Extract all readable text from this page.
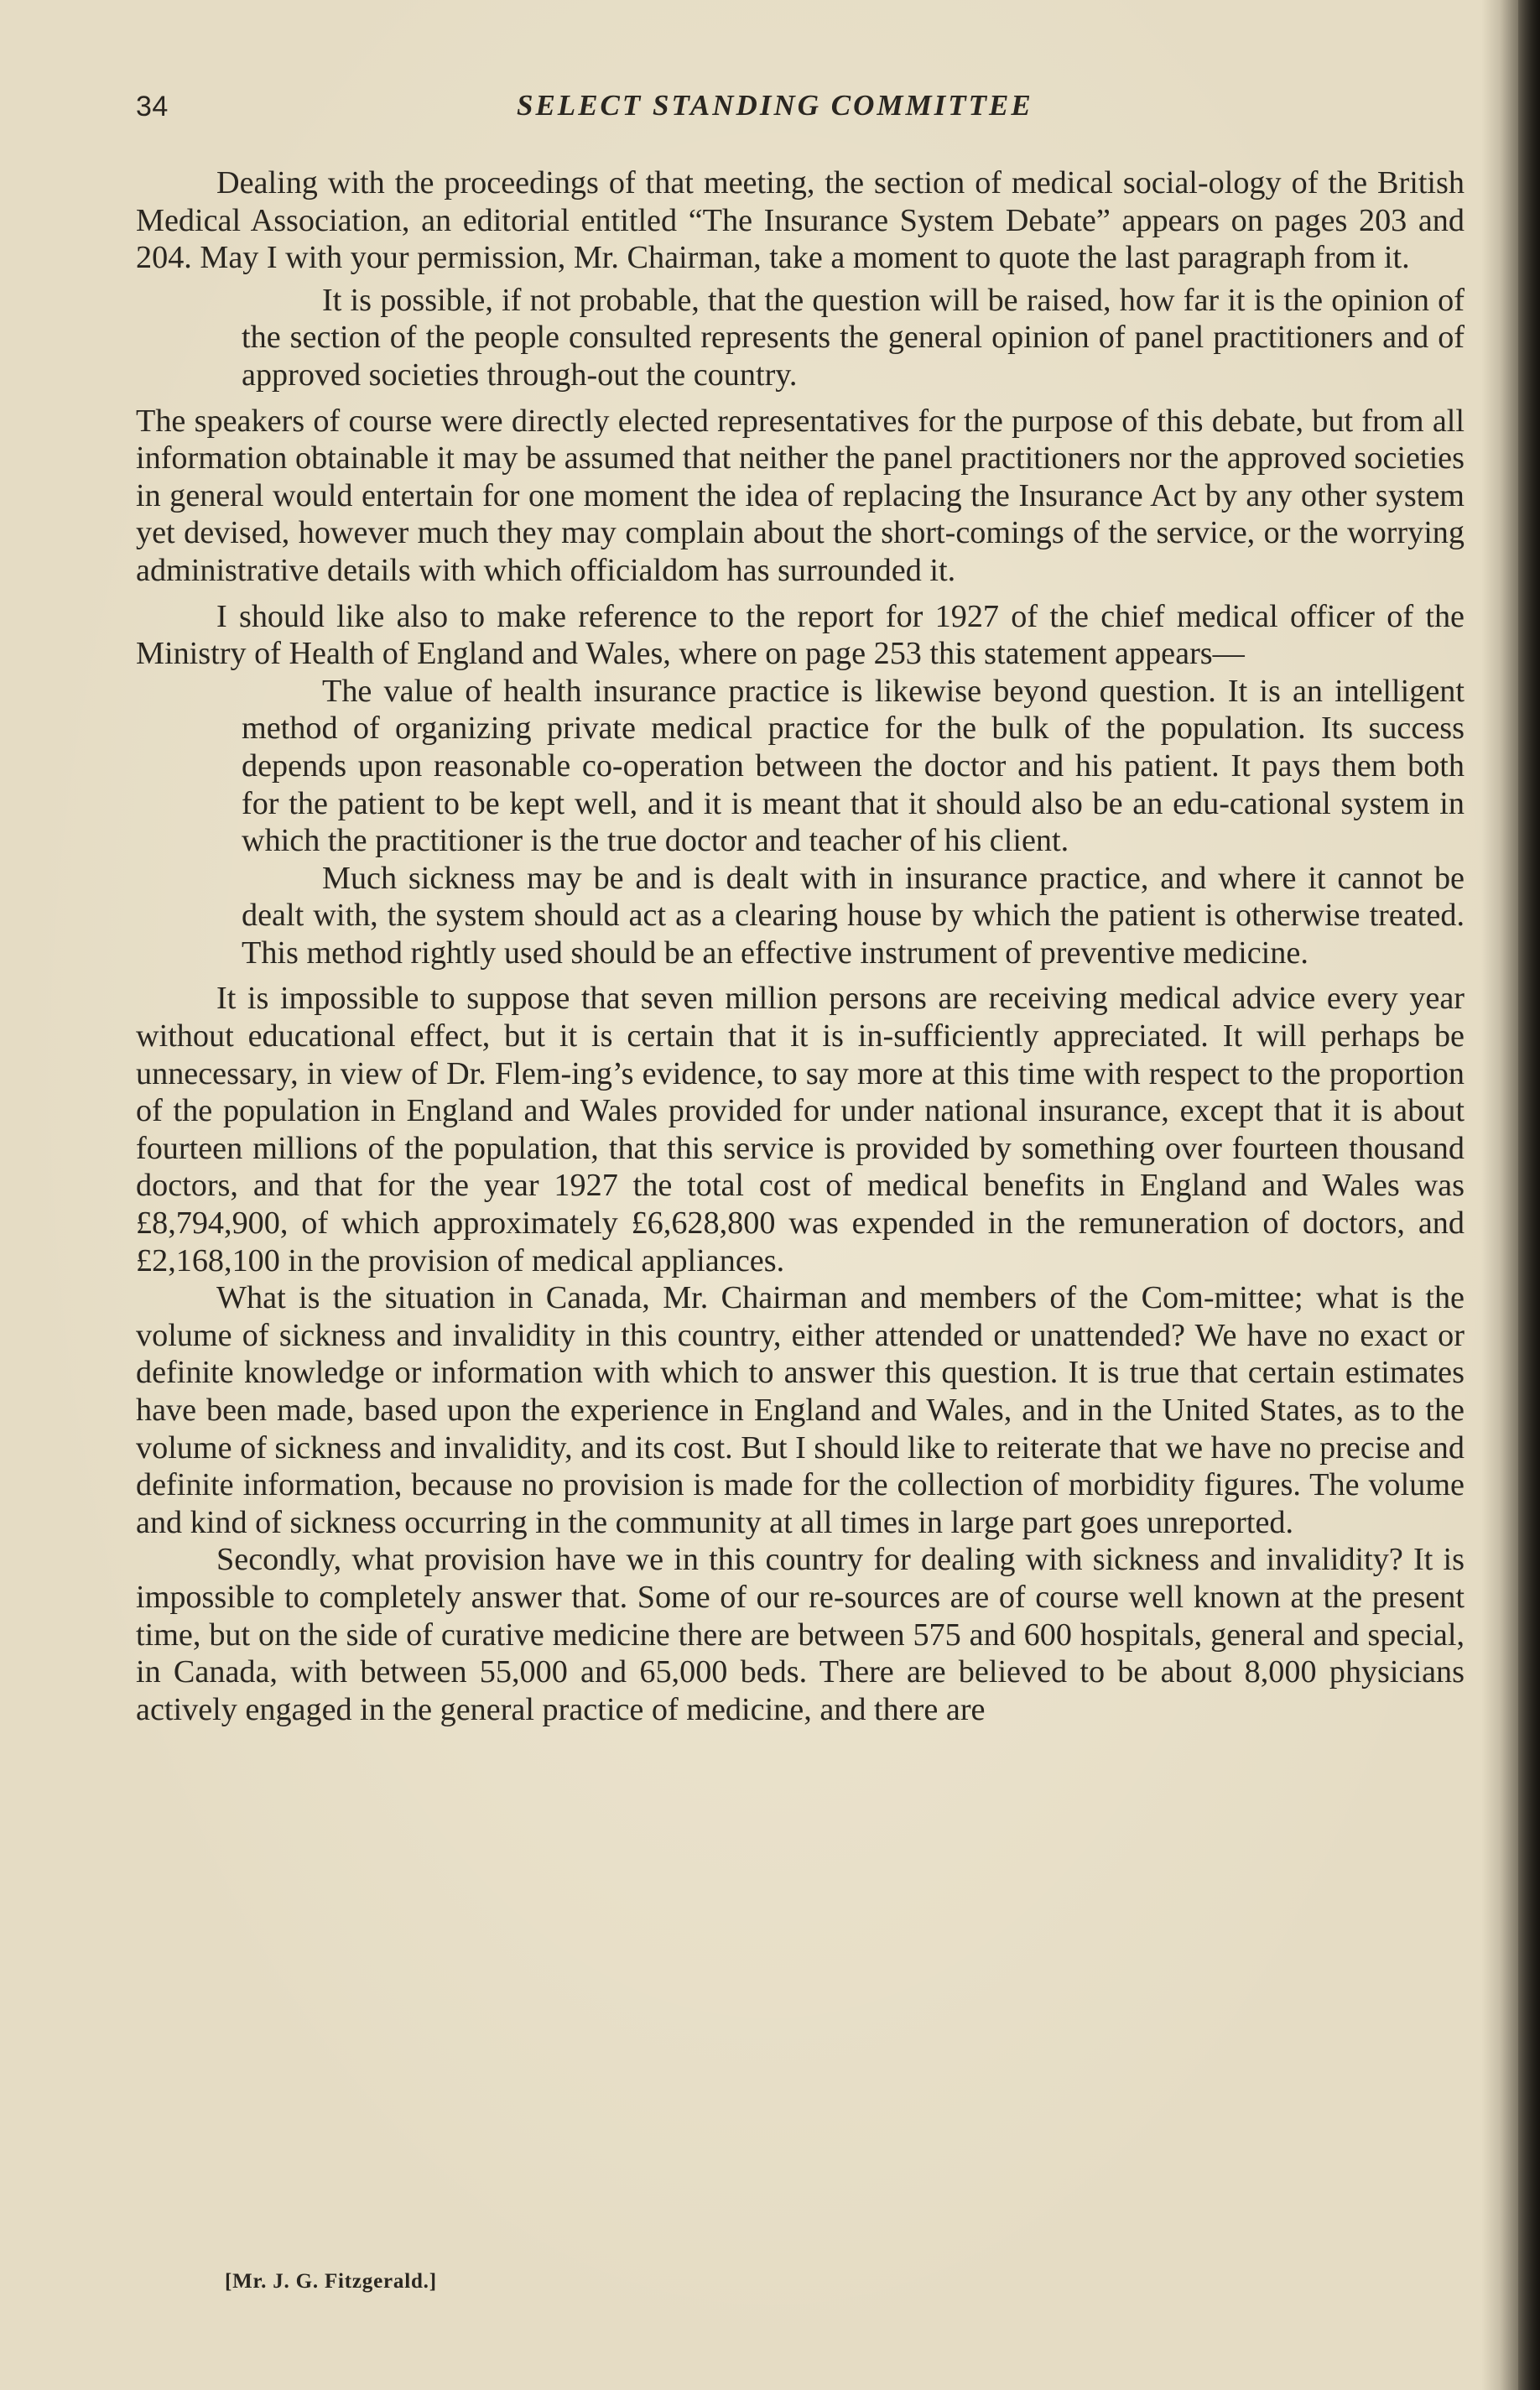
34	SELECT STANDING COMMITTEE

Dealing with the proceedings of that meeting, the section of medical social-ology of the British Medical Association, an editorial entitled “The Insurance System Debate” appears on pages 203 and 204. May I with your permission, Mr. Chairman, take a moment to quote the last paragraph from it.

It is possible, if not probable, that the question will be raised, how far it is the opinion of the section of the people consulted represents the general opinion of panel practitioners and of approved societies through-out the country.

The speakers of course were directly elected representatives for the purpose of this debate, but from all information obtainable it may be assumed that neither the panel practitioners nor the approved societies in general would entertain for one moment the idea of replacing the Insurance Act by any other system yet devised, however much they may complain about the short-comings of the service, or the worrying administrative details with which officialdom has surrounded it.

I should like also to make reference to the report for 1927 of the chief medical officer of the Ministry of Health of England and Wales, where on page 253 this statement appears—

The value of health insurance practice is likewise beyond question. It is an intelligent method of organizing private medical practice for the bulk of the population. Its success depends upon reasonable co-operation between the doctor and his patient. It pays them both for the patient to be kept well, and it is meant that it should also be an edu-cational system in which the practitioner is the true doctor and teacher of his client.

Much sickness may be and is dealt with in insurance practice, and where it cannot be dealt with, the system should act as a clearing house by which the patient is otherwise treated. This method rightly used should be an effective instrument of preventive medicine.

It is impossible to suppose that seven million persons are receiving medical advice every year without educational effect, but it is certain that it is in-sufficiently appreciated. It will perhaps be unnecessary, in view of Dr. Flem-ing’s evidence, to say more at this time with respect to the proportion of the population in England and Wales provided for under national insurance, except that it is about fourteen millions of the population, that this service is provided by something over fourteen thousand doctors, and that for the year 1927 the total cost of medical benefits in England and Wales was £8,794,900, of which approximately £6,628,800 was expended in the remuneration of doctors, and £2,168,100 in the provision of medical appliances.

What is the situation in Canada, Mr. Chairman and members of the Com-mittee; what is the volume of sickness and invalidity in this country, either attended or unattended? We have no exact or definite knowledge or information with which to answer this question. It is true that certain estimates have been made, based upon the experience in England and Wales, and in the United States, as to the volume of sickness and invalidity, and its cost. But I should like to reiterate that we have no precise and definite information, because no provision is made for the collection of morbidity figures. The volume and kind of sickness occurring in the community at all times in large part goes unreported.

Secondly, what provision have we in this country for dealing with sickness and invalidity? It is impossible to completely answer that. Some of our re-sources are of course well known at the present time, but on the side of curative medicine there are between 575 and 600 hospitals, general and special, in Canada, with between 55,000 and 65,000 beds. There are believed to be about 8,000 physicians actively engaged in the general practice of medicine, and there are

[Mr. J. G. Fitzgerald.]
